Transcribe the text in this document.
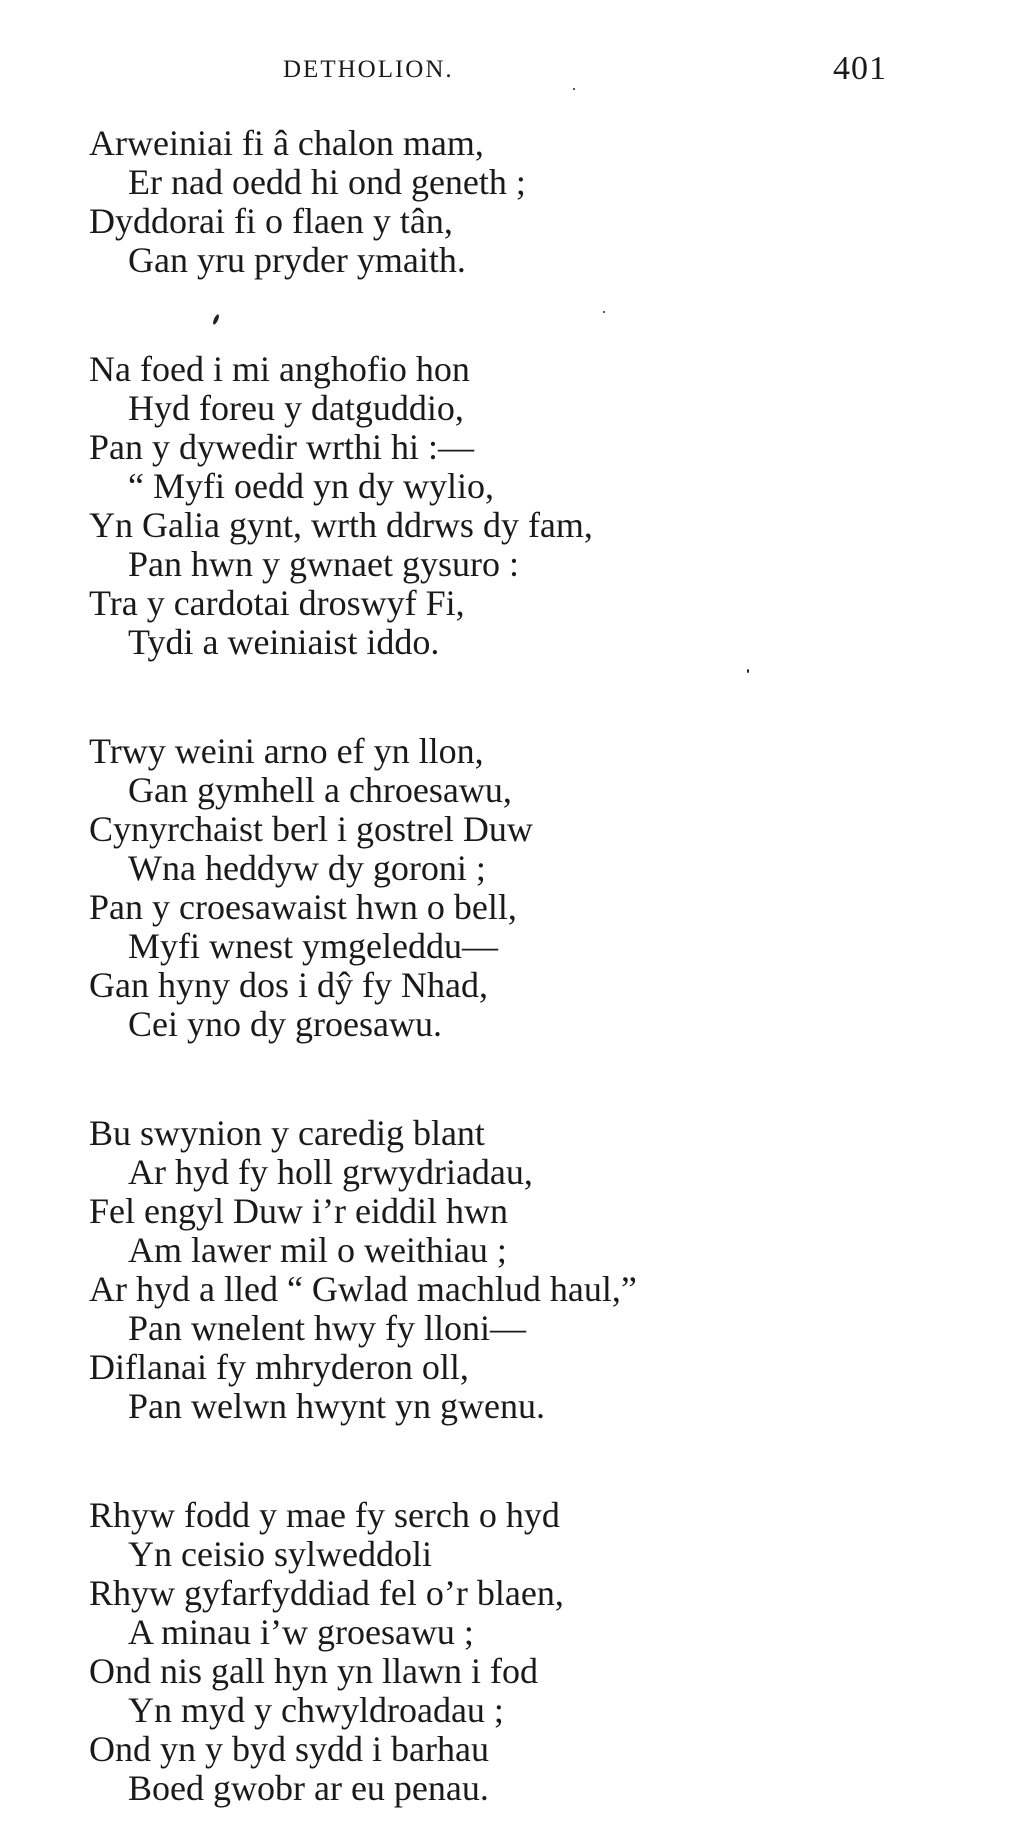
DETHOLION.	401
Arweiniai fi â chalon mam,
Er nad oedd hi ond geneth ;
Dyddorai fi o flaen y tân,
Gan yru pryder ymaith.
Na foed i mi anghofio hon
Hyd foreu y datguddio,
Pan y dywedir wrthi hi :—
“ Myfi oedd yn dy wylio,
Yn Galia gynt, wrth ddrws dy fam,
Pan hwn y gwnaet gysuro :
Tra y cardotai droswyf Fi,
Tydi a weiniaist iddo.
Trwy weini arno ef yn llon,
Gan gymhell a chroesawu,
Cynyrchaist berl i gostrel Duw
Wna heddyw dy goroni ;
Pan y croesawaist hwn o bell,
Myfi wnest ymgeleddu—
Gan hyny dos i dŷ fy Nhad,
Cei yno dy groesawu.
Bu swynion y caredig blant
Ar hyd fy holl grwydriadau,
Fel engyl Duw i’r eiddil hwn
Am lawer mil o weithiau ;
Ar hyd a lled “ Gwlad machlud haul,”
Pan wnelent hwy fy llonі—
Diflanai fy mhryderon oll,
Pan welwn hwynt yn gwenu.
Rhyw fodd y mae fy serch o hyd
Yn ceisio sylweddoli
Rhyw gyfarfyddiad fel o’r blaen,
A minau i’w groesawu ;
Ond nis gall hyn yn llawn i fod
Yn myd y chwyldroadau ;
Ond yn y byd sydd i barhau
Boed gwobr ar eu penau.
